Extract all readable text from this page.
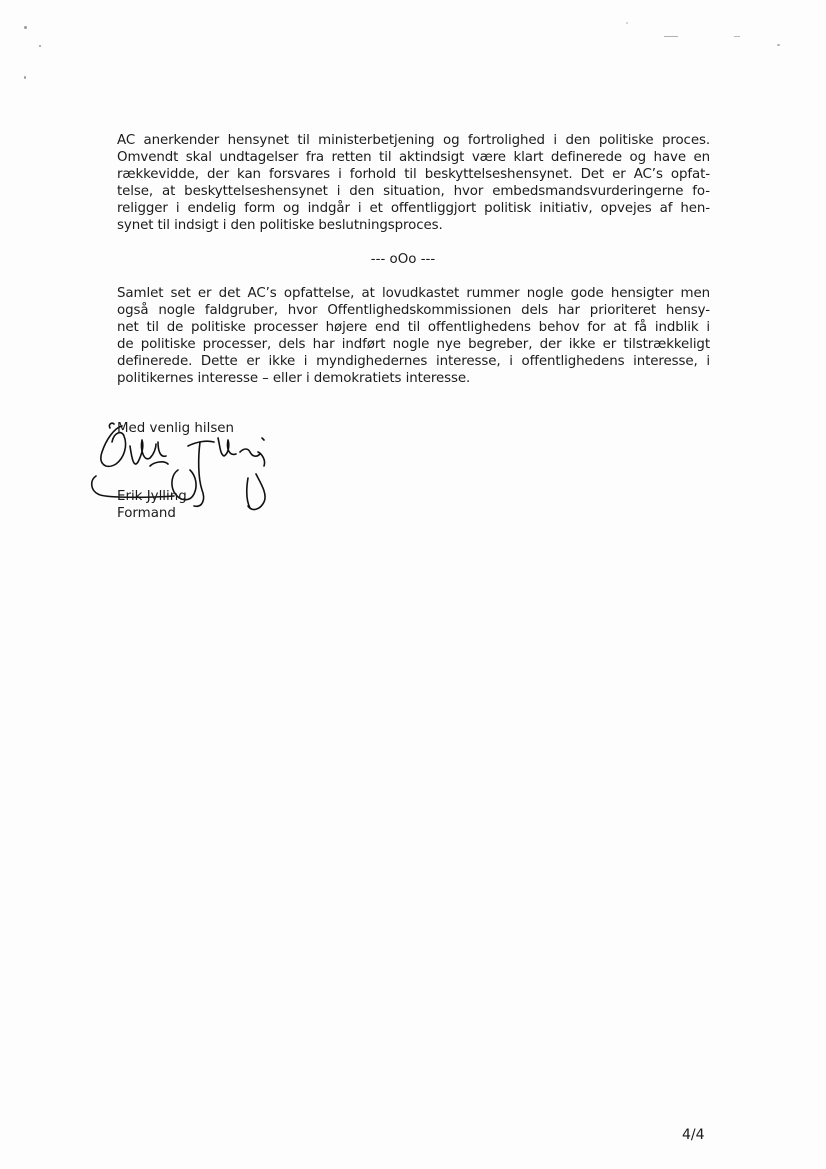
AC anerkender hensynet til ministerbetjening og fortrolighed i den politiske proces.
Omvendt skal undtagelser fra retten til aktindsigt være klart definerede og have en
rækkevidde, der kan forsvares i forhold til beskyttelseshensynet. Det er AC’s opfat-
telse, at beskyttelseshensynet i den situation, hvor embedsmandsvurderingerne fo-
religger i endelig form og indgår i et offentliggjort politisk initiativ, opvejes af hen-
synet til indsigt i den politiske beslutningsproces.

--- oOo ---

Samlet set er det AC’s opfattelse, at lovudkastet rummer nogle gode hensigter men
også nogle faldgruber, hvor Offentlighedskommissionen dels har prioriteret hensy-
net til de politiske processer højere end til offentlighedens behov for at få indblik i
de politiske processer, dels har indført nogle nye begreber, der ikke er tilstrækkeligt
definerede. Dette er ikke i myndighedernes interesse, i offentlighedens interesse, i
politikernes interesse – eller i demokratiets interesse.

Med venlig hilsen
Erik Jylling
Formand
4/4
